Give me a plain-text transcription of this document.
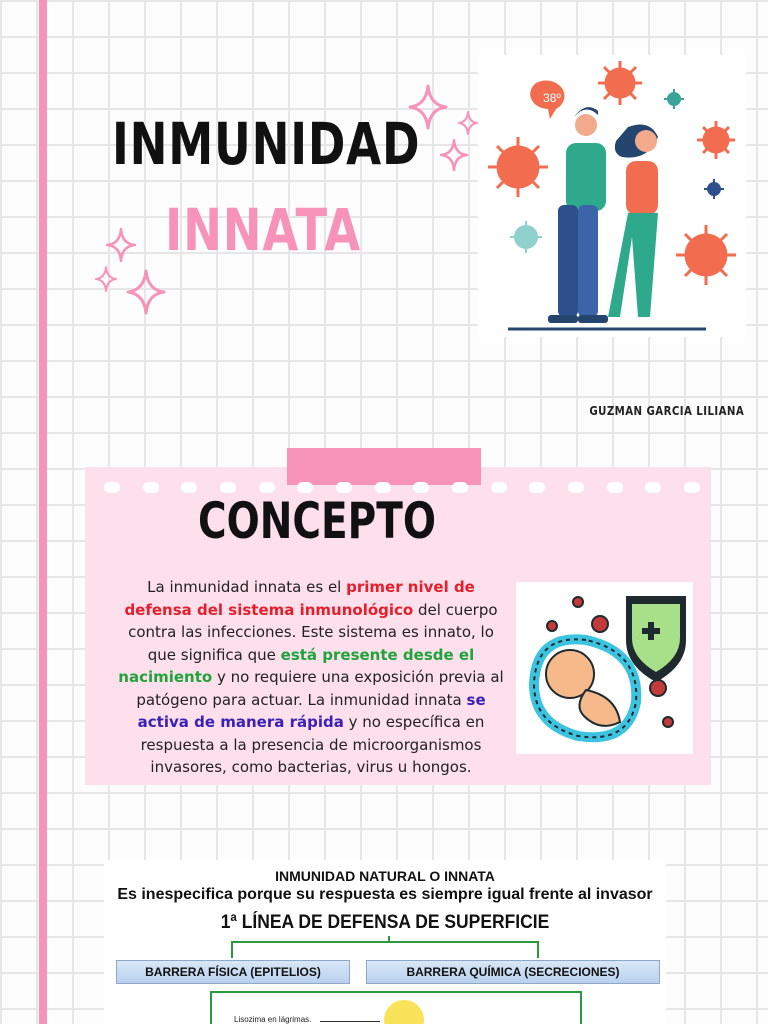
INMUNIDAD
INNATA
38º
GUZMAN GARCIA LILIANA
CONCEPTO

La inmunidad innata es el primer nivel de defensa del sistema inmunológico del cuerpo contra las infecciones. Este sistema es innato, lo que significa que está presente desde el nacimiento y no requiere una exposición previa al patógeno para actuar. La inmunidad innata se activa de manera rápida y no específica en respuesta a la presencia de microorganismos invasores, como bacterias, virus u hongos.

INMUNIDAD NATURAL O INNATA
Es inespecifica porque su respuesta es siempre igual frente al invasor
1ª LÍNEA DE DEFENSA DE SUPERFICIE
BARRERA FÍSICA (EPITELIOS)	BARRERA QUÍMICA (SECRECIONES)
Lisozima en lágrimas.
